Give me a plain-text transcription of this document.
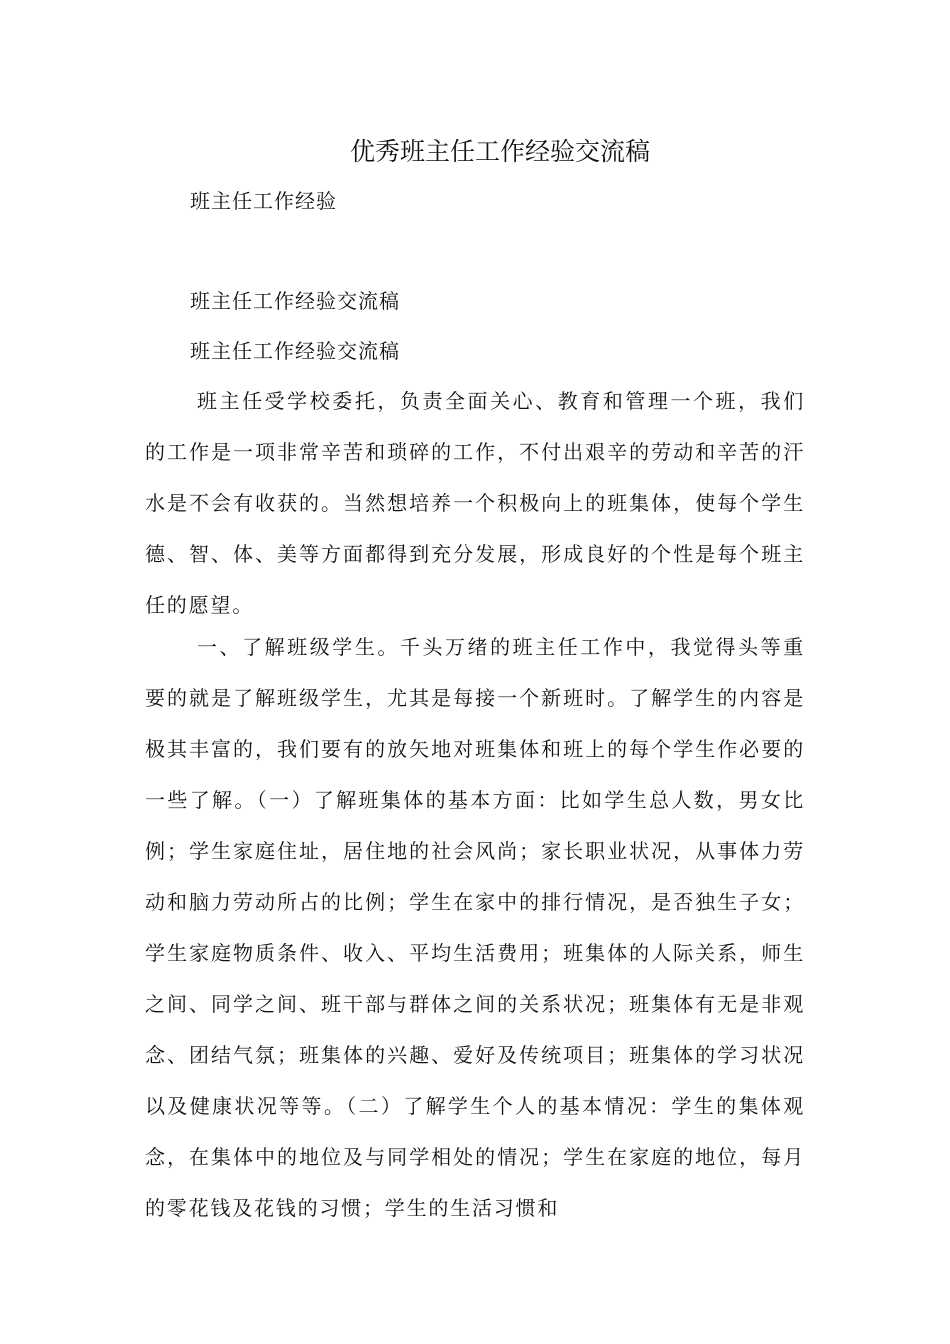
优秀班主任工作经验交流稿
班主任工作经验
班主任工作经验交流稿
班主任工作经验交流稿

班主任受学校委托，负责全面关心、教育和管理一个班，我们的工作是一项非常辛苦和琐碎的工作，不付出艰辛的劳动和辛苦的汗水是不会有收获的。当然想培养一个积极向上的班集体，使每个学生德、智、体、美等方面都得到充分发展，形成良好的个性是每个班主任的愿望。

一、了解班级学生。千头万绪的班主任工作中，我觉得头等重要的就是了解班级学生，尤其是每接一个新班时。了解学生的内容是极其丰富的，我们要有的放矢地对班集体和班上的每个学生作必要的一些了解。（一）了解班集体的基本方面：比如学生总人数，男女比例；学生家庭住址，居住地的社会风尚；家长职业状况，从事体力劳动和脑力劳动所占的比例；学生在家中的排行情况，是否独生子女；学生家庭物质条件、收入、平均生活费用；班集体的人际关系，师生之间、同学之间、班干部与群体之间的关系状况；班集体有无是非观念、团结气氛；班集体的兴趣、爱好及传统项目；班集体的学习状况以及健康状况等等。（二）了解学生个人的基本情况：学生的集体观念，在集体中的地位及与同学相处的情况；学生在家庭的地位，每月的零花钱及花钱的习惯；学生的生活习惯和
